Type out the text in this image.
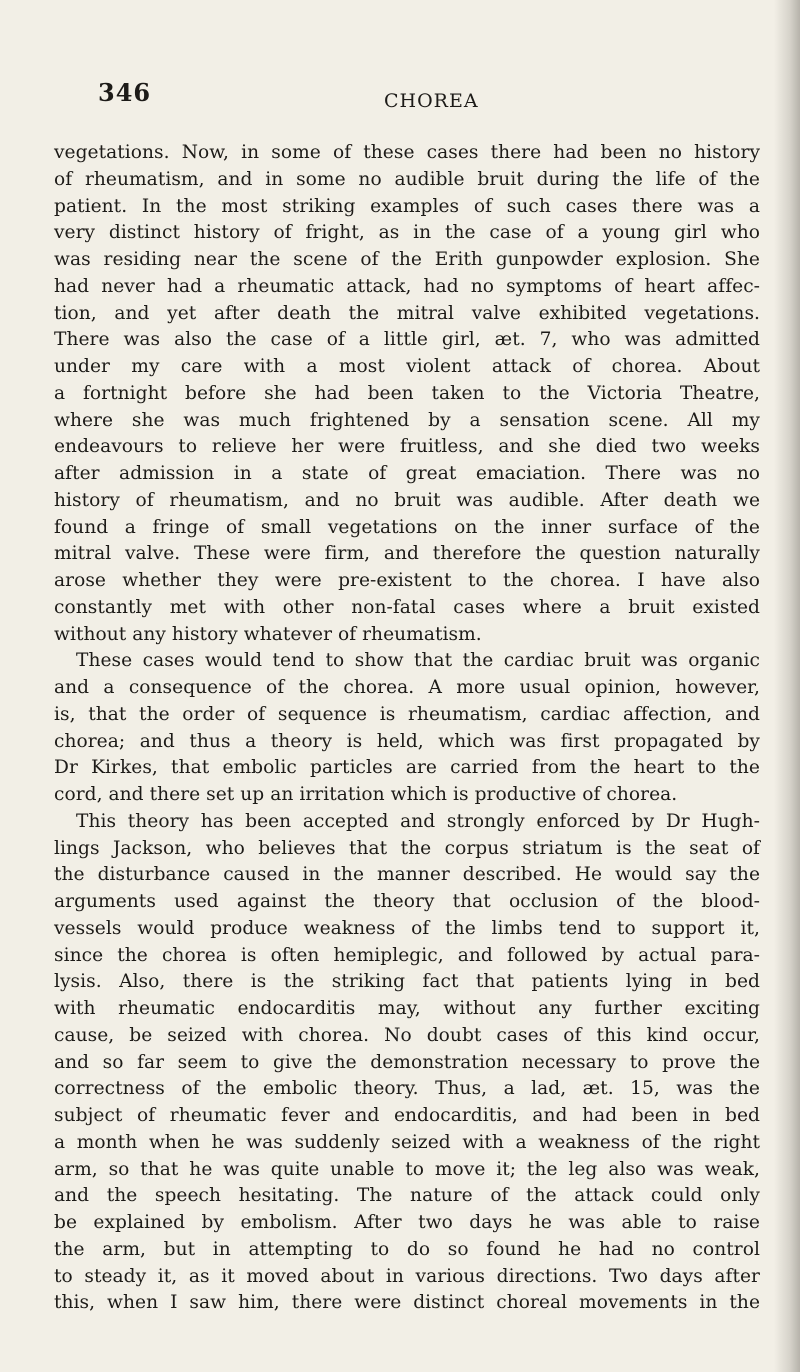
346	CHOREA
vegetations. Now, in some of these cases there had been no history
of rheumatism, and in some no audible bruit during the life of the
patient. In the most striking examples of such cases there was a
very distinct history of fright, as in the case of a young girl who
was residing near the scene of the Erith gunpowder explosion. She
had never had a rheumatic attack, had no symptoms of heart affec-
tion, and yet after death the mitral valve exhibited vegetations.
There was also the case of a little girl, æt. 7, who was admitted
under my care with a most violent attack of chorea. About
a fortnight before she had been taken to the Victoria Theatre,
where she was much frightened by a sensation scene. All my
endeavours to relieve her were fruitless, and she died two weeks
after admission in a state of great emaciation. There was no
history of rheumatism, and no bruit was audible. After death we
found a fringe of small vegetations on the inner surface of the
mitral valve. These were firm, and therefore the question naturally
arose whether they were pre-existent to the chorea. I have also
constantly met with other non-fatal cases where a bruit existed
without any history whatever of rheumatism.
These cases would tend to show that the cardiac bruit was organic
and a consequence of the chorea. A more usual opinion, however,
is, that the order of sequence is rheumatism, cardiac affection, and
chorea; and thus a theory is held, which was first propagated by
Dr Kirkes, that embolic particles are carried from the heart to the
cord, and there set up an irritation which is productive of chorea.
This theory has been accepted and strongly enforced by Dr Hugh-
lings Jackson, who believes that the corpus striatum is the seat of
the disturbance caused in the manner described. He would say the
arguments used against the theory that occlusion of the blood-
vessels would produce weakness of the limbs tend to support it,
since the chorea is often hemiplegic, and followed by actual para-
lysis. Also, there is the striking fact that patients lying in bed
with rheumatic endocarditis may, without any further exciting
cause, be seized with chorea. No doubt cases of this kind occur,
and so far seem to give the demonstration necessary to prove the
correctness of the embolic theory. Thus, a lad, æt. 15, was the
subject of rheumatic fever and endocarditis, and had been in bed
a month when he was suddenly seized with a weakness of the right
arm, so that he was quite unable to move it; the leg also was weak,
and the speech hesitating. The nature of the attack could only
be explained by embolism. After two days he was able to raise
the arm, but in attempting to do so found he had no control
to steady it, as it moved about in various directions. Two days after
this, when I saw him, there were distinct choreal movements in the
